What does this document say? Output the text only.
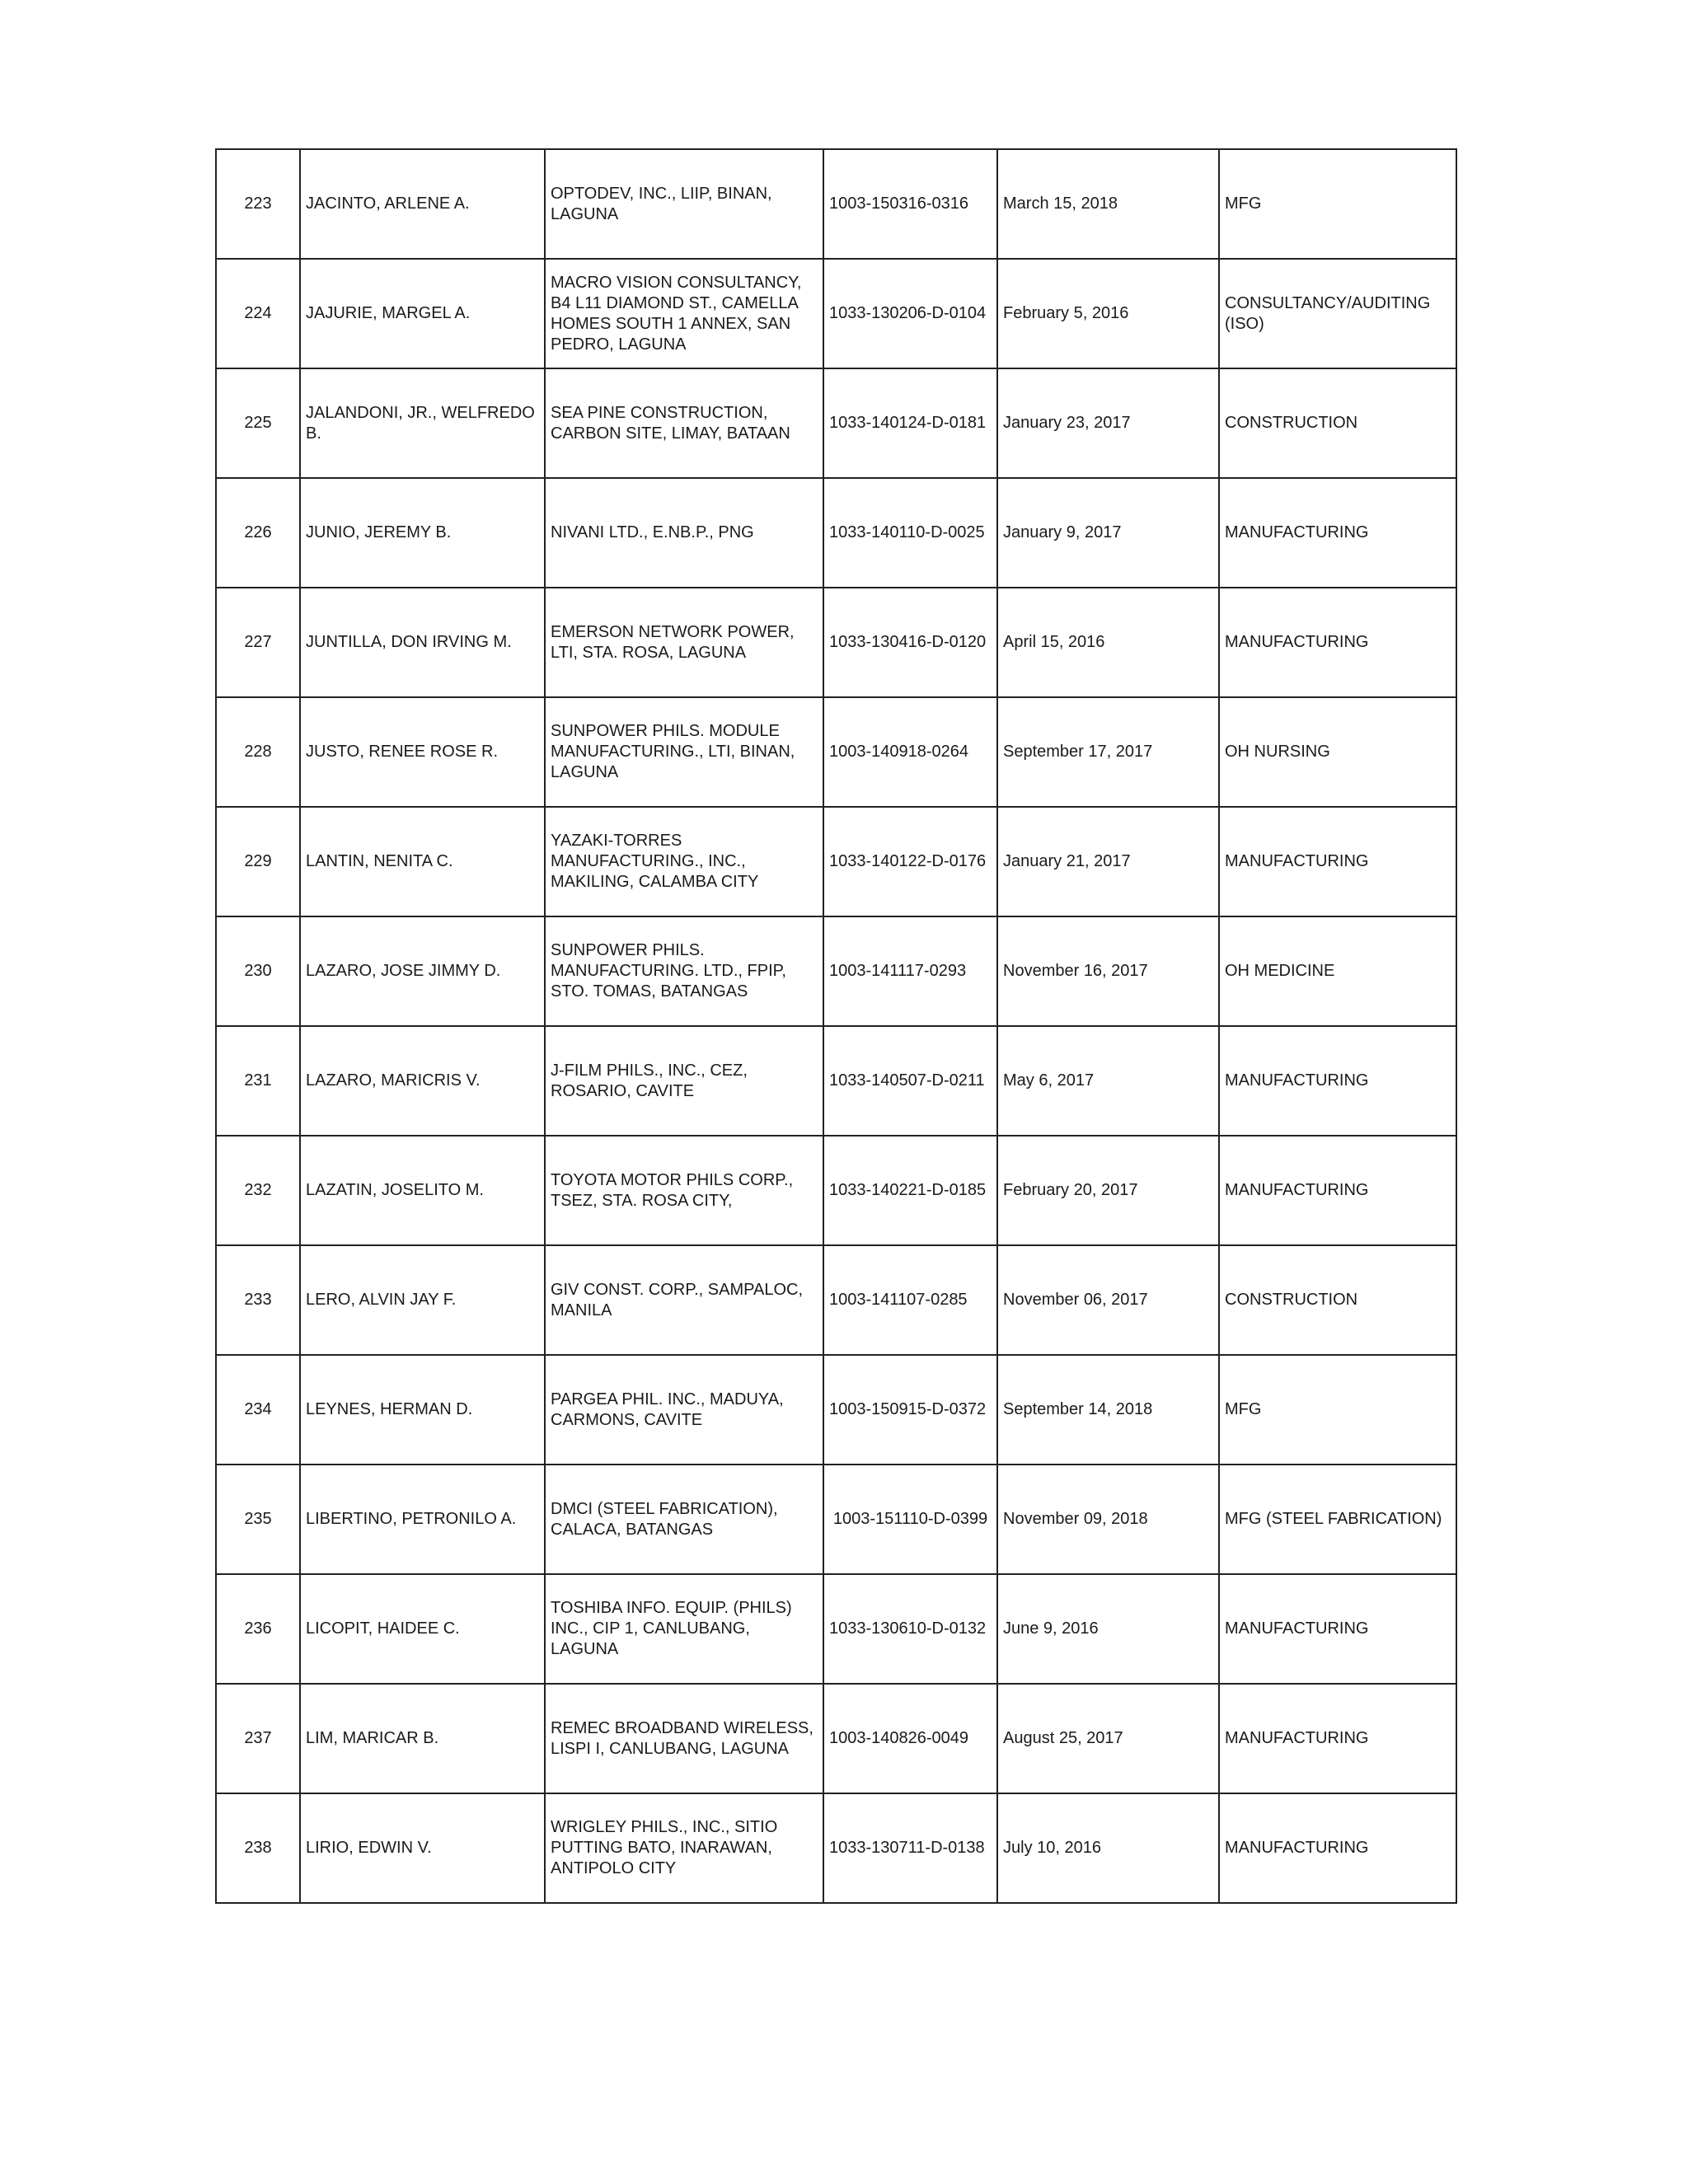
223	JACINTO, ARLENE A.	OPTODEV, INC., LIIP, BINAN, LAGUNA	1003-150316-0316	March 15, 2018	MFG
224	JAJURIE, MARGEL A.	MACRO VISION CONSULTANCY, B4 L11 DIAMOND ST., CAMELLA HOMES SOUTH 1 ANNEX, SAN PEDRO, LAGUNA	1033-130206-D-0104	February 5, 2016	CONSULTANCY/AUDITING (ISO)
225	JALANDONI, JR., WELFREDO B.	SEA PINE CONSTRUCTION, CARBON SITE, LIMAY, BATAAN	1033-140124-D-0181	January 23, 2017	CONSTRUCTION
226	JUNIO, JEREMY B.	NIVANI LTD., E.NB.P., PNG	1033-140110-D-0025	January 9, 2017	MANUFACTURING
227	JUNTILLA, DON IRVING M.	EMERSON NETWORK POWER, LTI, STA. ROSA, LAGUNA	1033-130416-D-0120	April 15, 2016	MANUFACTURING
228	JUSTO, RENEE ROSE R.	SUNPOWER PHILS. MODULE MANUFACTURING., LTI, BINAN, LAGUNA	1003-140918-0264	September 17, 2017	OH NURSING
229	LANTIN, NENITA C.	YAZAKI-TORRES MANUFACTURING., INC., MAKILING, CALAMBA CITY	1033-140122-D-0176	January 21, 2017	MANUFACTURING
230	LAZARO, JOSE JIMMY D.	SUNPOWER PHILS. MANUFACTURING. LTD., FPIP, STO. TOMAS, BATANGAS	1003-141117-0293	November 16, 2017	OH MEDICINE
231	LAZARO, MARICRIS V.	J-FILM PHILS., INC., CEZ, ROSARIO, CAVITE	1033-140507-D-0211	May 6, 2017	MANUFACTURING
232	LAZATIN, JOSELITO M.	TOYOTA MOTOR PHILS CORP., TSEZ, STA. ROSA CITY,	1033-140221-D-0185	February 20, 2017	MANUFACTURING
233	LERO, ALVIN JAY F.	GIV CONST. CORP., SAMPALOC, MANILA	1003-141107-0285	November 06, 2017	CONSTRUCTION
234	LEYNES, HERMAN D.	PARGEA PHIL. INC., MADUYA, CARMONS, CAVITE	1003-150915-D-0372	September 14, 2018	MFG
235	LIBERTINO, PETRONILO A.	DMCI (STEEL FABRICATION), CALACA, BATANGAS	1003-151110-D-0399	November 09, 2018	MFG (STEEL FABRICATION)
236	LICOPIT, HAIDEE C.	TOSHIBA INFO. EQUIP. (PHILS) INC., CIP 1, CANLUBANG, LAGUNA	1033-130610-D-0132	June 9, 2016	MANUFACTURING
237	LIM, MARICAR B.	REMEC BROADBAND WIRELESS, LISPI I, CANLUBANG, LAGUNA	1003-140826-0049	August 25, 2017	MANUFACTURING
238	LIRIO, EDWIN V.	WRIGLEY PHILS., INC., SITIO PUTTING BATO, INARAWAN, ANTIPOLO CITY	1033-130711-D-0138	July 10, 2016	MANUFACTURING
